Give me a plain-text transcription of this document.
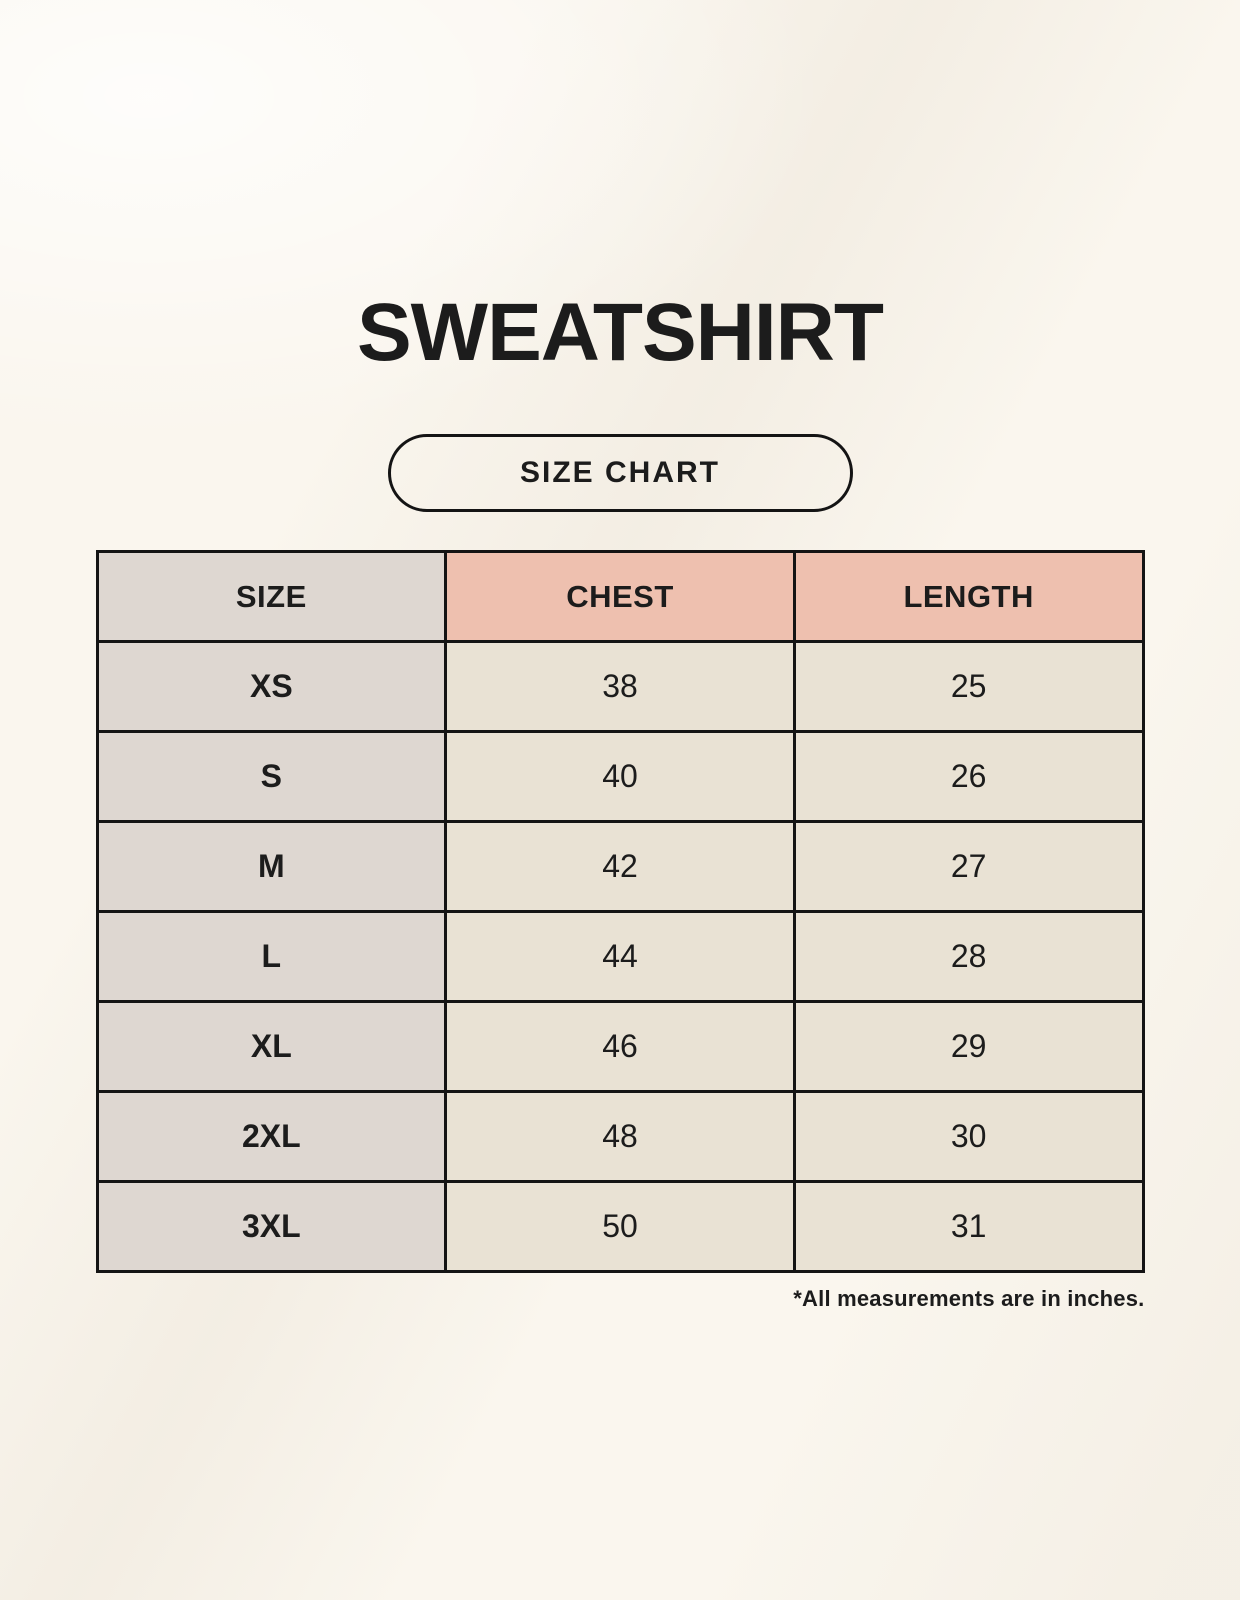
SWEATSHIRT
SIZE CHART
SIZE	CHEST	LENGTH
XS	38	25
S	40	26
M	42	27
L	44	28
XL	46	29
2XL	48	30
3XL	50	31

*All measurements are in inches.
